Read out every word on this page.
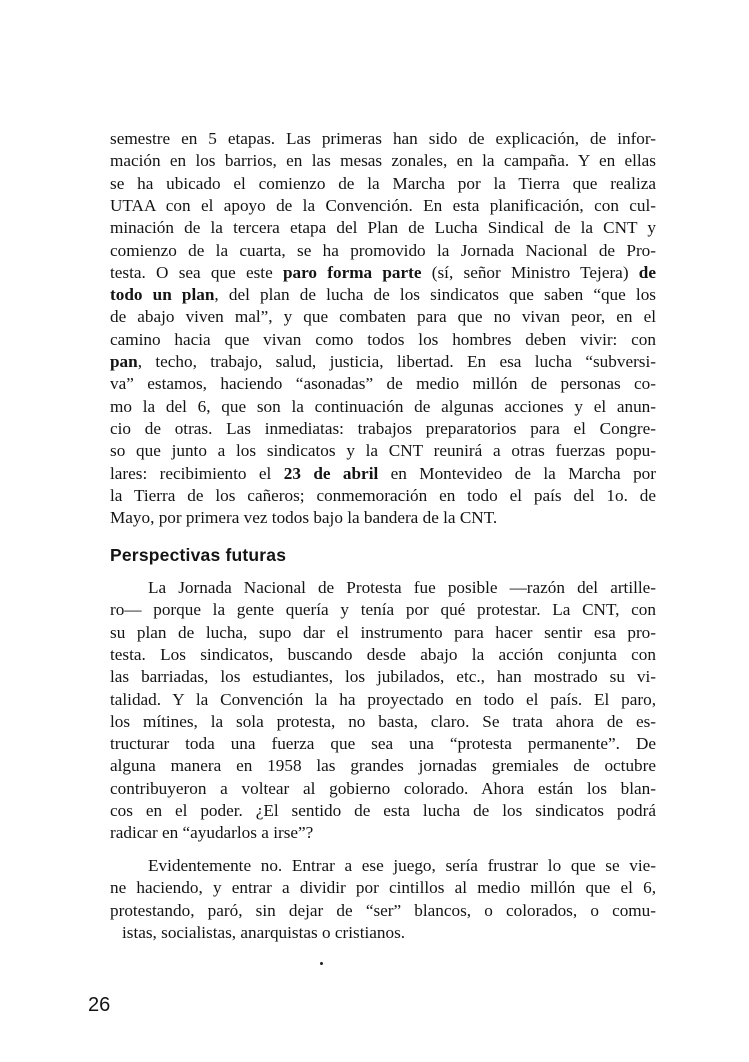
semestre en 5 etapas. Las primeras han sido de explicación, de infor-
mación en los barrios, en las mesas zonales, en la campaña. Y en ellas
se ha ubicado el comienzo de la Marcha por la Tierra que realiza
UTAA con el apoyo de la Convención. En esta planificación, con cul-
minación de la tercera etapa del Plan de Lucha Sindical de la CNT y
comienzo de la cuarta, se ha promovido la Jornada Nacional de Pro-
testa. O sea que este paro forma parte (sí, señor Ministro Tejera) de
todo un plan, del plan de lucha de los sindicatos que saben “que los
de abajo viven mal”, y que combaten para que no vivan peor, en el
camino hacia que vivan como todos los hombres deben vivir: con
pan, techo, trabajo, salud, justicia, libertad. En esa lucha “subversi-
va” estamos, haciendo “asonadas” de medio millón de personas co-
mo la del 6, que son la continuación de algunas acciones y el anun-
cio de otras. Las inmediatas: trabajos preparatorios para el Congre-
so que junto a los sindicatos y la CNT reunirá a otras fuerzas popu-
lares: recibimiento el 23 de abril en Montevideo de la Marcha por
la Tierra de los cañeros; conmemoración en todo el país del 1o. de
Mayo, por primera vez todos bajo la bandera de la CNT.
Perspectivas futuras
La Jornada Nacional de Protesta fue posible —razón del artille-
ro— porque la gente quería y tenía por qué protestar. La CNT, con
su plan de lucha, supo dar el instrumento para hacer sentir esa pro-
testa. Los sindicatos, buscando desde abajo la acción conjunta con
las barriadas, los estudiantes, los jubilados, etc., han mostrado su vi-
talidad. Y la Convención la ha proyectado en todo el país. El paro,
los mítines, la sola protesta, no basta, claro. Se trata ahora de es-
tructurar toda una fuerza que sea una “protesta permanente”. De
alguna manera en 1958 las grandes jornadas gremiales de octubre
contribuyeron a voltear al gobierno colorado. Ahora están los blan-
cos en el poder. ¿El sentido de esta lucha de los sindicatos podrá
radicar en “ayudarlos a irse”?
Evidentemente no. Entrar a ese juego, sería frustrar lo que se vie-
ne haciendo, y entrar a dividir por cintillos al medio millón que el 6,
protestando, paró, sin dejar de “ser” blancos, o colorados, o comu-
istas, socialistas, anarquistas o cristianos.
26
